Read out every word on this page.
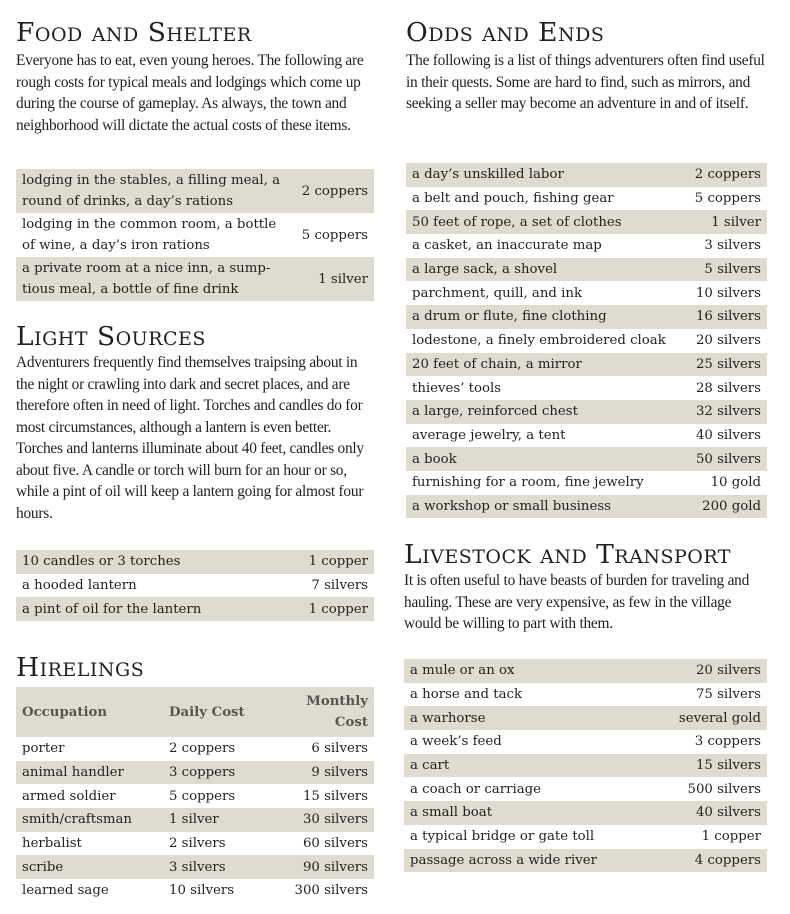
Food and Shelter

Everyone has to eat, even young heroes. The following are rough costs for typical meals and lodgings which come up during the course of gameplay. As always, the town and neighborhood will dictate the actual costs of these items.

lodging in the stables, a filling meal, a round of drinks, a day’s rations	2 coppers
lodging in the common room, a bottle of wine, a day’s iron rations	5 coppers
a private room at a nice inn, a sump-tious meal, a bottle of fine drink	1 silver
Light Sources

Adventurers frequently find themselves traipsing about in the night or crawling into dark and secret places, and are therefore often in need of light. Torches and candles do for most circumstances, although a lantern is even better. Torches and lanterns illuminate about 40 feet, candles only about five. A candle or torch will burn for an hour or so, while a pint of oil will keep a lantern going for almost four hours.

10 candles or 3 torches	1 copper
a hooded lantern	7 silvers
a pint of oil for the lantern	1 copper
Hirelings
Occupation	Daily Cost	Monthly Cost
porter	2 coppers	6 silvers
animal handler	3 coppers	9 silvers
armed soldier	5 coppers	15 silvers
smith/craftsman	1 silver	30 silvers
herbalist	2 silvers	60 silvers
scribe	3 silvers	90 silvers
learned sage	10 silvers	300 silvers
Odds and Ends

The following is a list of things adventurers often find useful in their quests. Some are hard to find, such as mirrors, and seeking a seller may become an adventure in and of itself.

a day’s unskilled labor	2 coppers
a belt and pouch, fishing gear	5 coppers
50 feet of rope, a set of clothes	1 silver
a casket, an inaccurate map	3 silvers
a large sack, a shovel	5 silvers
parchment, quill, and ink	10 silvers
a drum or flute, fine clothing	16 silvers
lodestone, a finely embroidered cloak	20 silvers
20 feet of chain, a mirror	25 silvers
thieves’ tools	28 silvers
a large, reinforced chest	32 silvers
average jewelry, a tent	40 silvers
a book	50 silvers
furnishing for a room, fine jewelry	10 gold
a workshop or small business	200 gold
Livestock and Transport

It is often useful to have beasts of burden for traveling and hauling. These are very expensive, as few in the village would be willing to part with them.

a mule or an ox	20 silvers
a horse and tack	75 silvers
a warhorse	several gold
a week’s feed	3 coppers
a cart	15 silvers
a coach or carriage	500 silvers
a small boat	40 silvers
a typical bridge or gate toll	1 copper
passage across a wide river	4 coppers
